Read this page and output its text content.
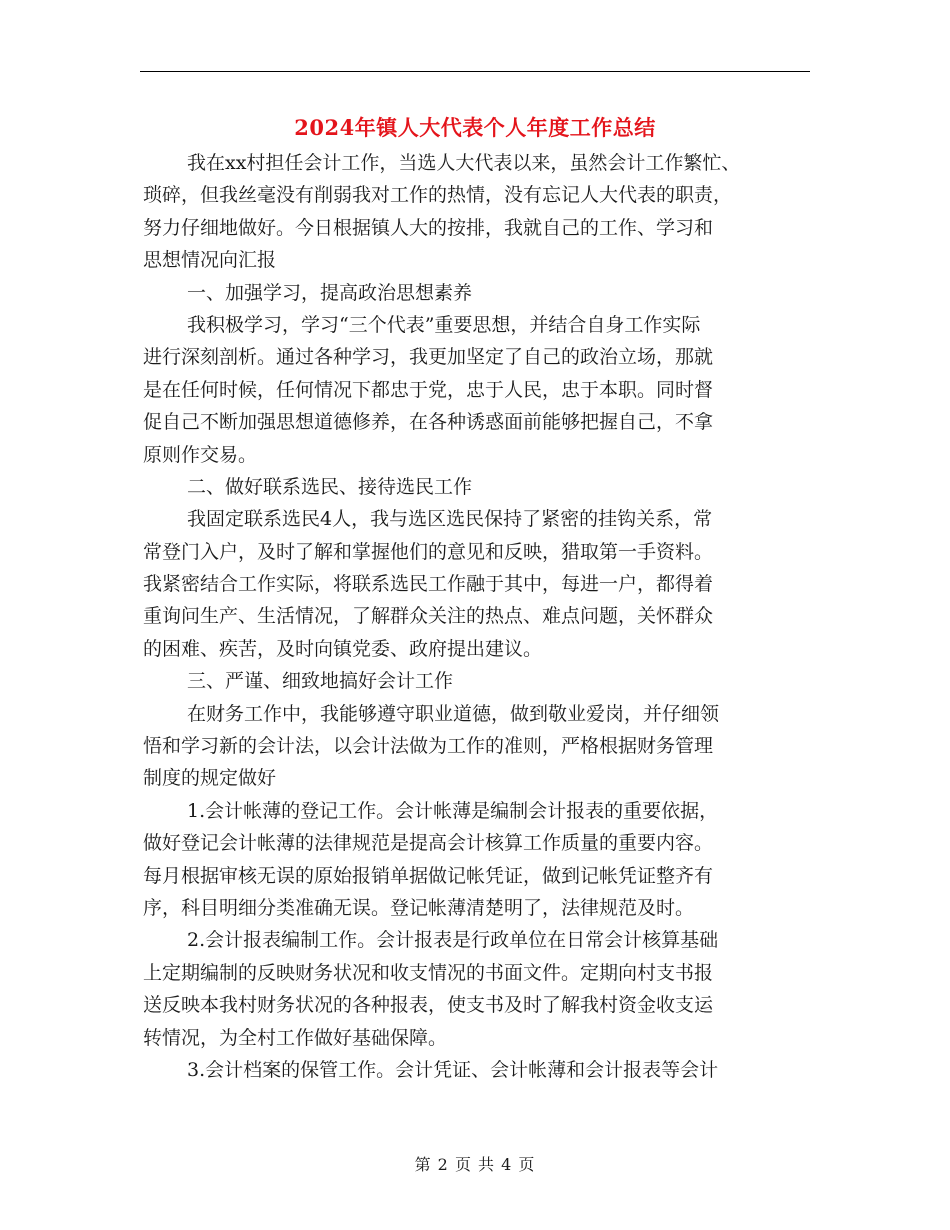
2024年镇人大代表个人年度工作总结
我在xx村担任会计工作，当选人大代表以来，虽然会计工作繁忙、
琐碎，但我丝毫没有削弱我对工作的热情，没有忘记人大代表的职责，
努力仔细地做好。今日根据镇人大的按排，我就自己的工作、学习和
思想情况向汇报
一、加强学习，提高政治思想素养
我积极学习，学习“三个代表”重要思想，并结合自身工作实际
进行深刻剖析。通过各种学习，我更加坚定了自己的政治立场，那就
是在任何时候，任何情况下都忠于党，忠于人民，忠于本职。同时督
促自己不断加强思想道德修养，在各种诱惑面前能够把握自己，不拿
原则作交易。
二、做好联系选民、接待选民工作
我固定联系选民4人，我与选区选民保持了紧密的挂钩关系，常
常登门入户，及时了解和掌握他们的意见和反映，猎取第一手资料。
我紧密结合工作实际，将联系选民工作融于其中，每进一户，都得着
重询问生产、生活情况，了解群众关注的热点、难点问题，关怀群众
的困难、疾苦，及时向镇党委、政府提出建议。
三、严谨、细致地搞好会计工作
在财务工作中，我能够遵守职业道德，做到敬业爱岗，并仔细领
悟和学习新的会计法，以会计法做为工作的准则，严格根据财务管理
制度的规定做好
1.会计帐薄的登记工作。会计帐薄是编制会计报表的重要依据，
做好登记会计帐薄的法律规范是提高会计核算工作质量的重要内容。
每月根据审核无误的原始报销单据做记帐凭证，做到记帐凭证整齐有
序，科目明细分类准确无误。登记帐薄清楚明了，法律规范及时。
2.会计报表编制工作。会计报表是行政单位在日常会计核算基础
上定期编制的反映财务状况和收支情况的书面文件。定期向村支书报
送反映本我村财务状况的各种报表，使支书及时了解我村资金收支运
转情况，为全村工作做好基础保障。
3.会计档案的保管工作。会计凭证、会计帐薄和会计报表等会计
第 2 页 共 4 页
